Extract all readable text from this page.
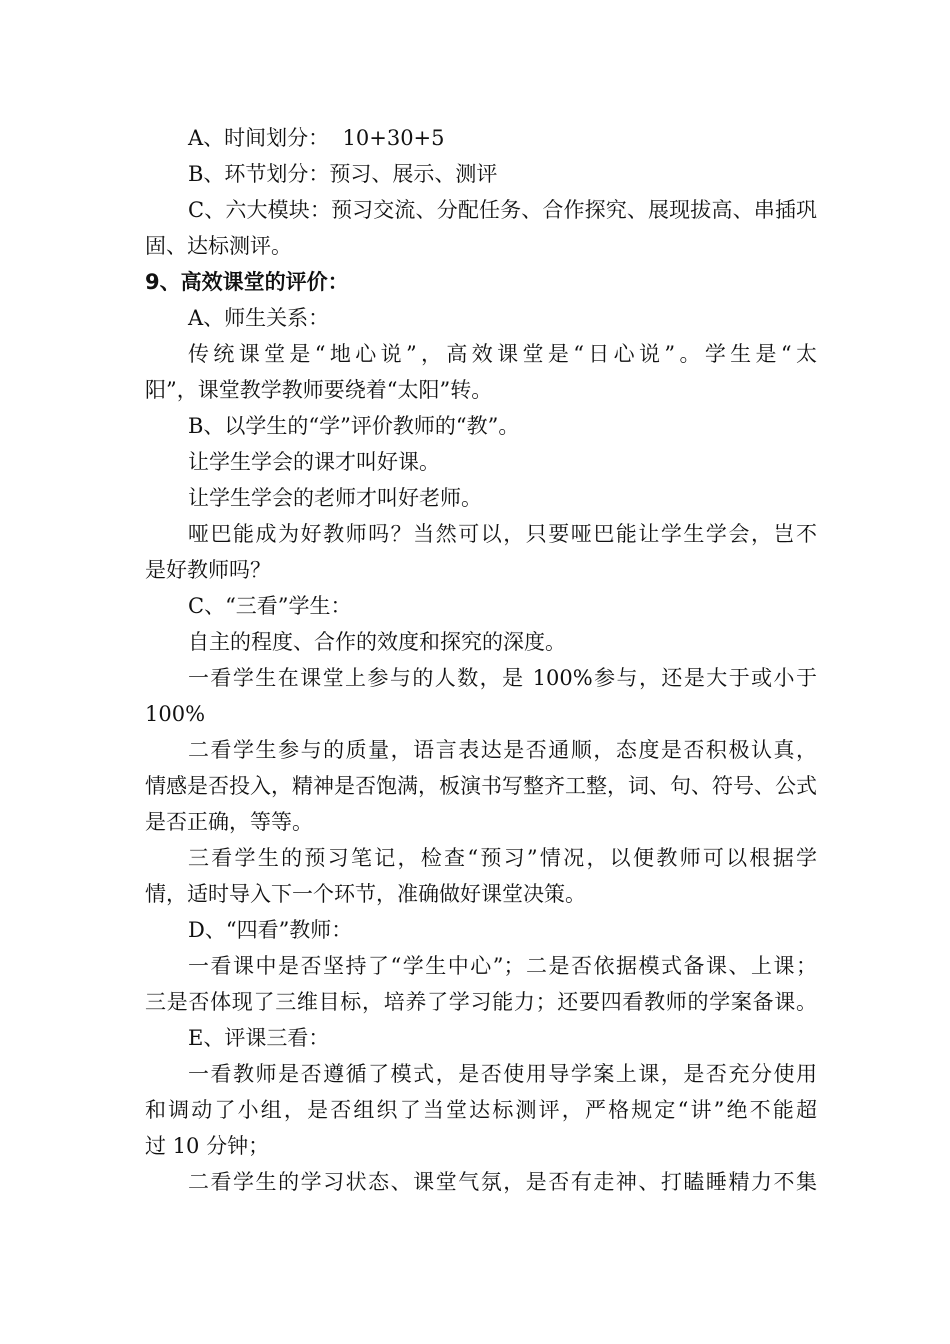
A、时间划分：  10+30+5
B、环节划分：预习、展示、测评
C、六大模块：预习交流、分配任务、合作探究、展现拔高、串插巩
固、达标测评。
9、高效课堂的评价：
A、师生关系：
传统课堂是“地心说”，高效课堂是“日心说”。学生是“太
阳”，课堂教学教师要绕着“太阳”转。
B、以学生的“学”评价教师的“教”。
让学生学会的课才叫好课。
让学生学会的老师才叫好老师。
哑巴能成为好教师吗？当然可以，只要哑巴能让学生学会，岂不
是好教师吗？
C、“三看”学生：
自主的程度、合作的效度和探究的深度。
一看学生在课堂上参与的人数，是 100%参与，还是大于或小于
100%
二看学生参与的质量，语言表达是否通顺，态度是否积极认真，
情感是否投入，精神是否饱满，板演书写整齐工整，词、句、符号、公式
是否正确，等等。
三看学生的预习笔记，检查“预习”情况，以便教师可以根据学
情，适时导入下一个环节，准确做好课堂决策。
D、“四看”教师：
一看课中是否坚持了“学生中心”；二是否依据模式备课、上课；
三是否体现了三维目标，培养了学习能力；还要四看教师的学案备课。
E、评课三看：
一看教师是否遵循了模式，是否使用导学案上课，是否充分使用
和调动了小组，是否组织了当堂达标测评，严格规定“讲”绝不能超
过 10 分钟；
二看学生的学习状态、课堂气氛，是否有走神、打瞌睡精力不集
